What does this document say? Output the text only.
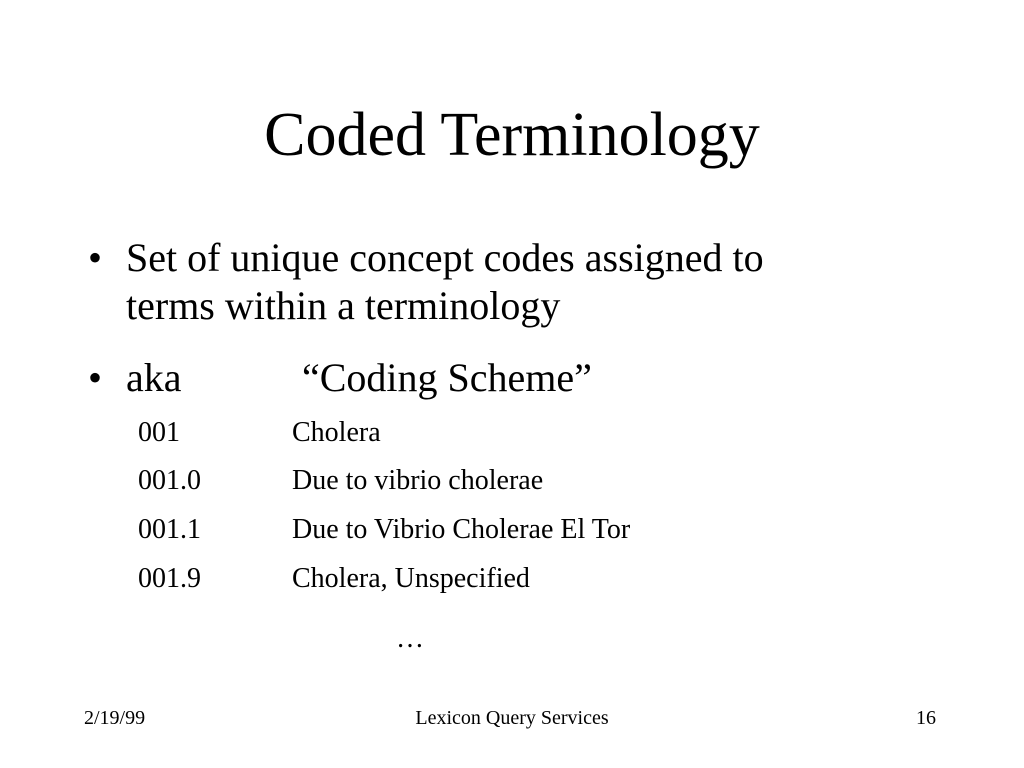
Coded Terminology
• Set of unique concept codes assigned to
terms within a terminology
• aka	“Coding Scheme”
001	Cholera
001.0	Due to vibrio cholerae
001.1	Due to Vibrio Cholerae El Tor
001.9	Cholera, Unspecified
…
2/19/99	Lexicon Query Services	16
